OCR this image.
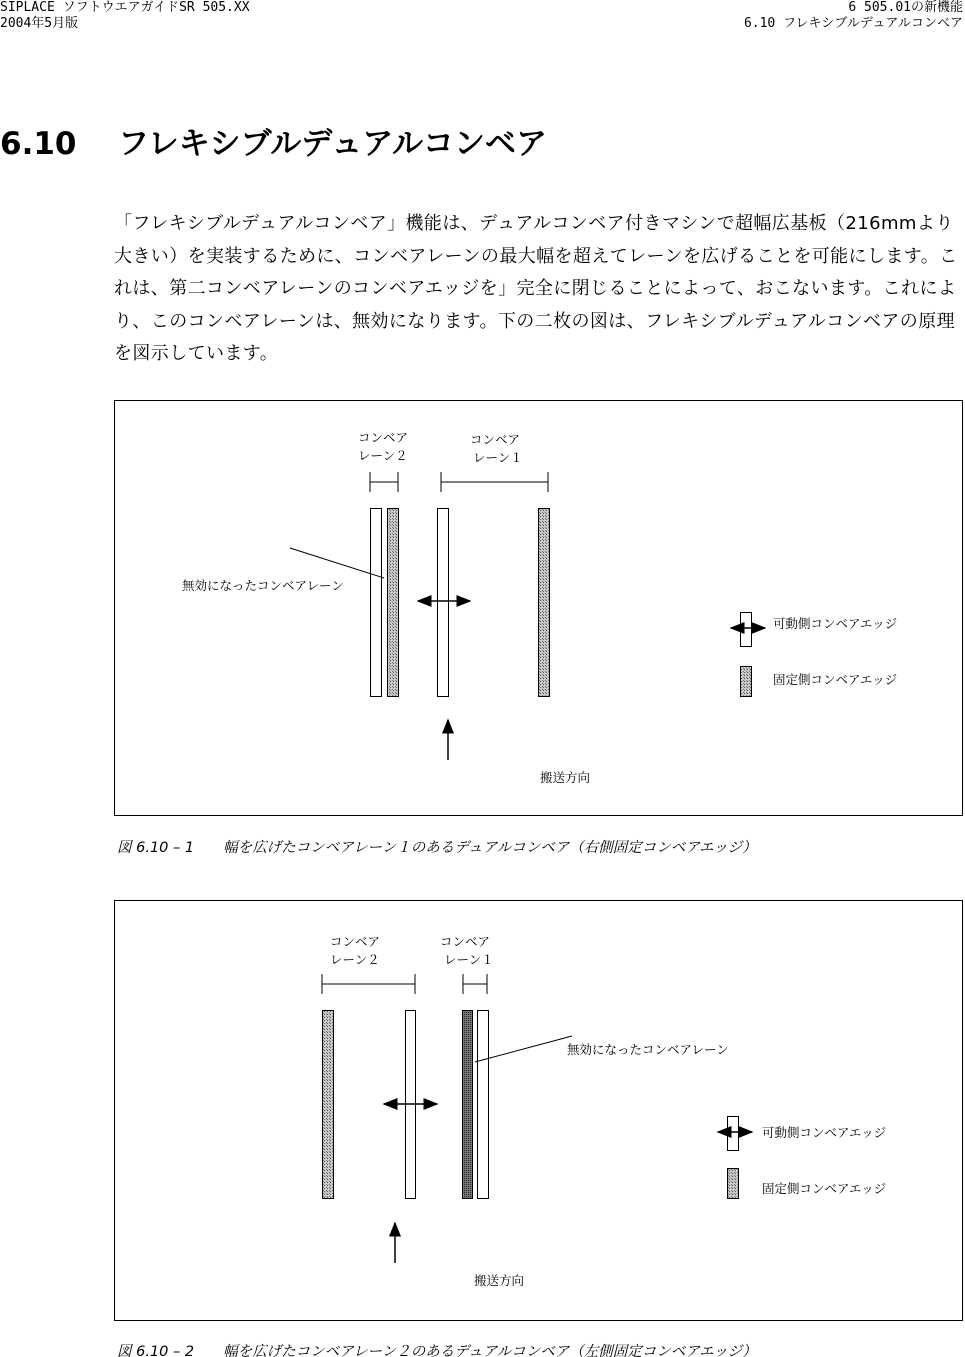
SIPLACE ソフトウエアガイドSR 505.XX
2004年5月版
6 505.01の新機能
6.10 フレキシブルデュアルコンベア
6.10 フレキシブルデュアルコンベア
「フレキシブルデュアルコンベア」機能は、デュアルコンベア付きマシンで超幅広基板（216mmより大きい）を実装するために、コンベアレーンの最大幅を超えてレーンを広げることを可能にします。これは、第二コンベアレーンのコンベアエッジを」完全に閉じることによって、おこないます。これにより、このコンベアレーンは、無効になります。下の二枚の図は、フレキシブルデュアルコンベアの原理を図示しています。
コンベア
レーン２
コンベア
レーン１
無効になったコンベアレーン
可動側コンベアエッジ
固定側コンベアエッジ
搬送方向
コンベア
レーン２
コンベア
レーン１
無効になったコンベアレーン
可動側コンベアエッジ
固定側コンベアエッジ
搬送方向
図 6.10 – 1　　幅を広げたコンベアレーン１のあるデュアルコンベア（右側固定コンベアエッジ）
図 6.10 – 2　　幅を広げたコンベアレーン２のあるデュアルコンベア（左側固定コンベアエッジ）
